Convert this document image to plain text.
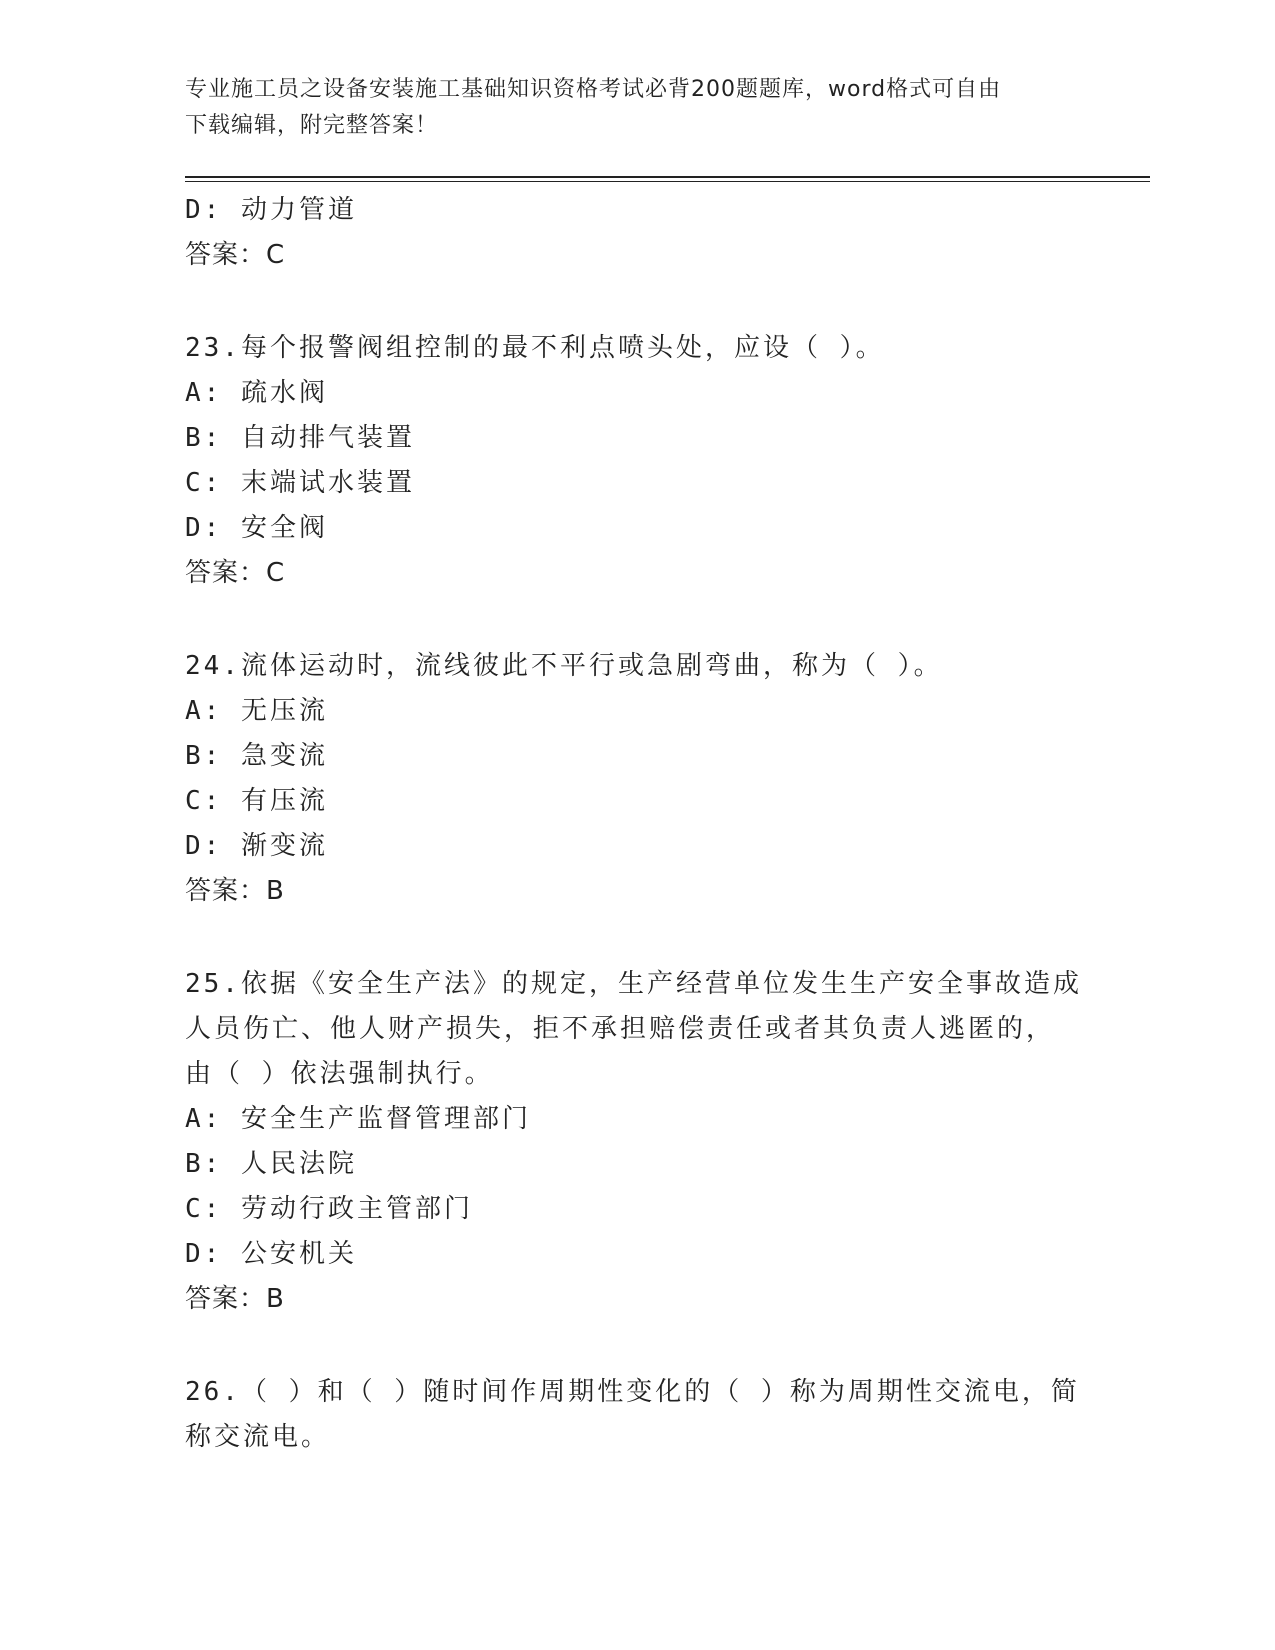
专业施工员之设备安装施工基础知识资格考试必背200题题库，word格式可自由
下载编辑，附完整答案！
D: 动力管道
答案：C
23.每个报警阀组控制的最不利点喷头处，应设（ ）。
A: 疏水阀
B: 自动排气装置
C: 末端试水装置
D: 安全阀
答案：C
24.流体运动时，流线彼此不平行或急剧弯曲，称为（ ）。
A: 无压流
B: 急变流
C: 有压流
D: 渐变流
答案：B
25.依据《安全生产法》的规定，生产经营单位发生生产安全事故造成
人员伤亡、他人财产损失，拒不承担赔偿责任或者其负责人逃匿的，
由（ ）依法强制执行。
A: 安全生产监督管理部门
B: 人民法院
C: 劳动行政主管部门
D: 公安机关
答案：B
26.（ ）和（ ）随时间作周期性变化的（ ）称为周期性交流电，简
称交流电。
